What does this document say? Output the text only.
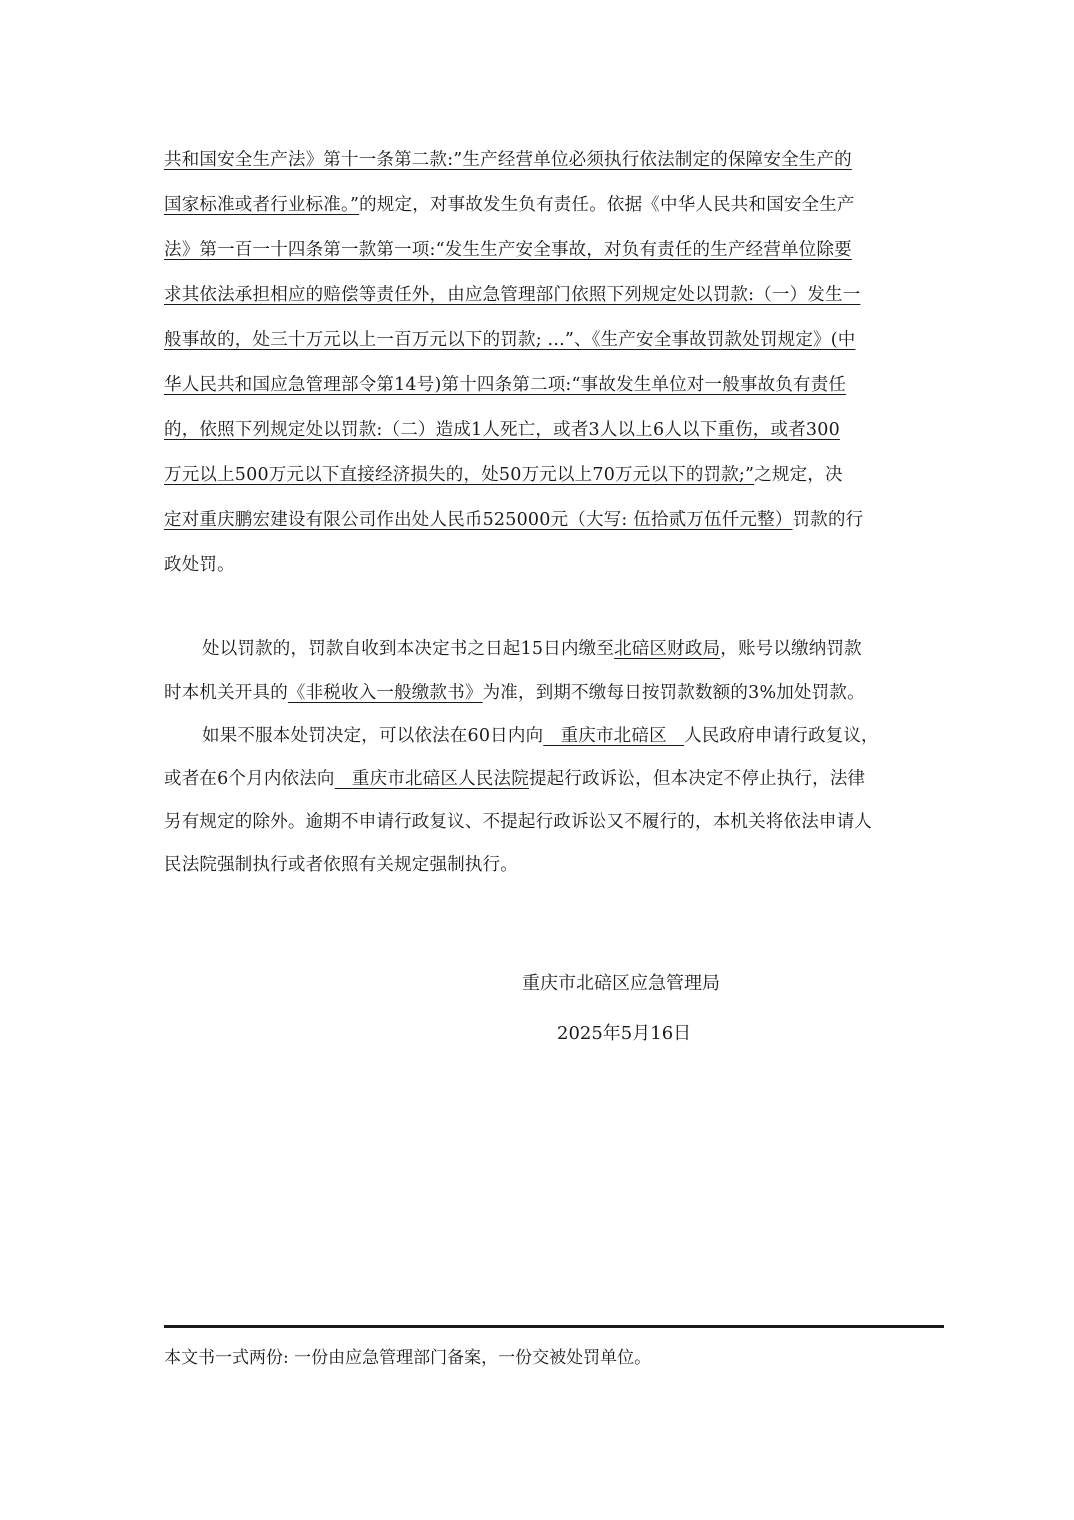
共和国安全生产法》第十一条第二款:”生产经营单位必须执行依法制定的保障安全生产的
国家标准或者行业标准。”的规定，对事故发生负有责任。依据《中华人民共和国安全生产
法》第一百一十四条第一款第一项:“发生生产安全事故，对负有责任的生产经营单位除要
求其依法承担相应的赔偿等责任外，由应急管理部门依照下列规定处以罚款:（一）发生一
般事故的，处三十万元以上一百万元以下的罚款; ...”、《生产安全事故罚款处罚规定》(中
华人民共和国应急管理部令第14号)第十四条第二项:“事故发生单位对一般事故负有责任
的，依照下列规定处以罚款:（二）造成1人死亡，或者3人以上6人以下重伤，或者300
万元以上500万元以下直接经济损失的，处50万元以上70万元以下的罚款;”之规定，决
定对重庆鹏宏建设有限公司作出处人民币525000元（大写: 伍拾贰万伍仟元整）罚款的行
政处罚。
处以罚款的，罚款自收到本决定书之日起15日内缴至北碚区财政局，账号以缴纳罚款
时本机关开具的《非税收入一般缴款书》为准，到期不缴每日按罚款数额的3%加处罚款。
如果不服本处罚决定，可以依法在60日内向   重庆市北碚区   人民政府申请行政复议，
或者在6个月内依法向   重庆市北碚区人民法院提起行政诉讼，但本决定不停止执行，法律
另有规定的除外。逾期不申请行政复议、不提起行政诉讼又不履行的，本机关将依法申请人
民法院强制执行或者依照有关规定强制执行。
重庆市北碚区应急管理局
2025年5月16日
本文书一式两份: 一份由应急管理部门备案，一份交被处罚单位。
